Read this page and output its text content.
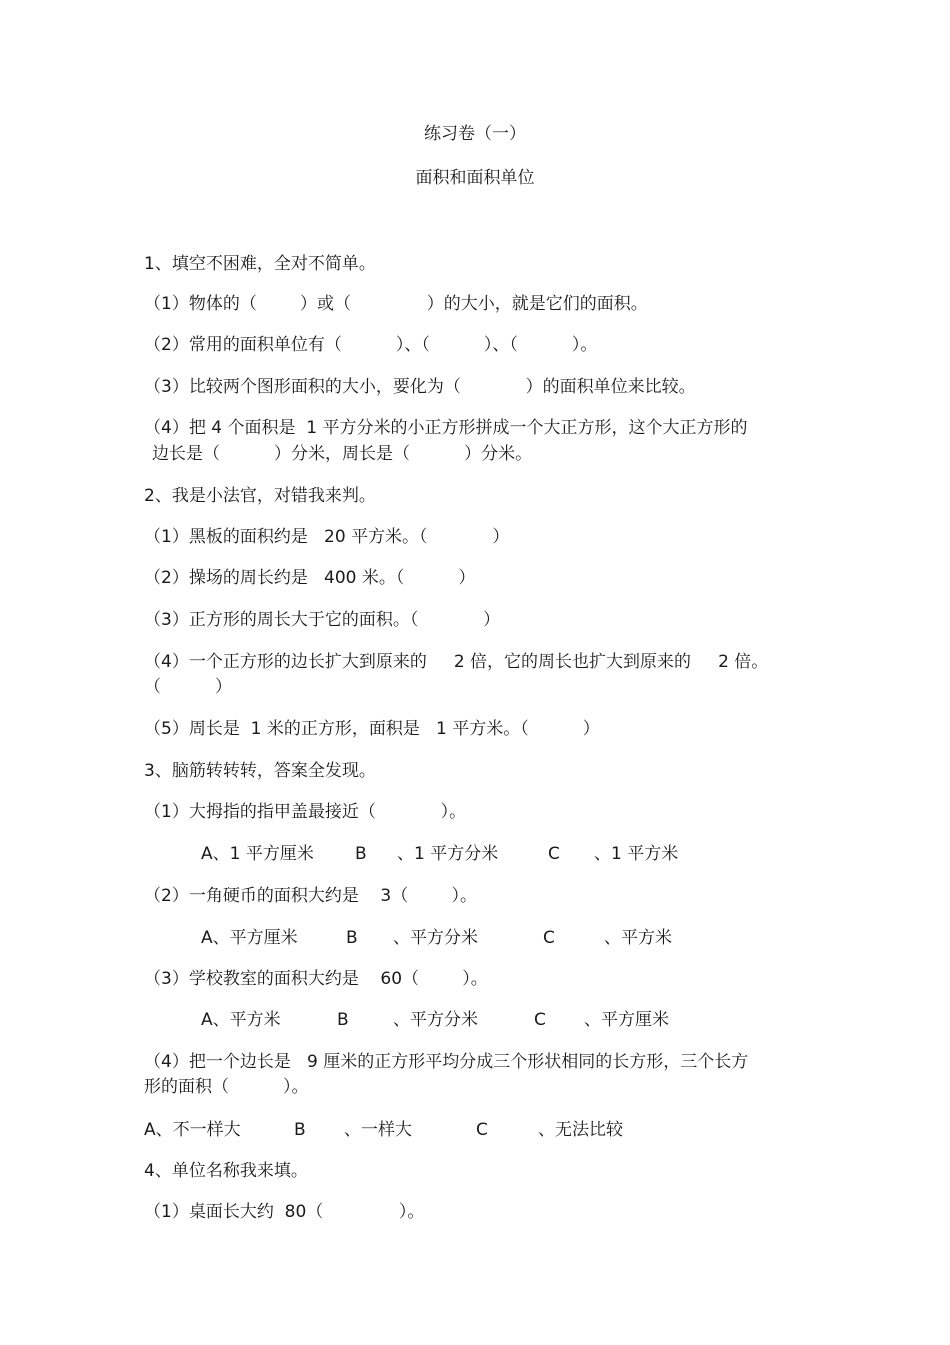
练习卷（一）
面积和面积单位
1、填空不困难，全对不简单。
（1）物体的（        ）或（              ）的大小，就是它们的面积。
（2）常用的面积单位有（          ）、（          ）、（          ）。
（3）比较两个图形面积的大小，要化为（            ）的面积单位来比较。
（4）把 4 个面积是  1 平方分米的小正方形拼成一个大正方形，这个大正方形的
边长是（          ）分米，周长是（          ）分米。
2、我是小法官，对错我来判。
（1）黑板的面积约是   20 平方米。（            ）
（2）操场的周长约是   400 米。（          ）
（3）正方形的周长大于它的面积。（            ）
（4）一个正方形的边长扩大到原来的     2 倍，它的周长也扩大到原来的     2 倍。
（          ）
（5）周长是  1 米的正方形，面积是   1 平方米。（          ）
3、脑筋转转转，答案全发现。
（1）大拇指的指甲盖最接近（            ）。
A、1 平方厘米 B 、1 平方分米	C 、1 平方米
（2）一角硬币的面积大约是    3（        ）。
A、平方厘米	B 、平方分米	C	、平方米
（3）学校教室的面积大约是    60（        ）。
A、平方米	B	、平方分米	C 、平方厘米
（4）把一个边长是   9 厘米的正方形平均分成三个形状相同的长方形，三个长方
形的面积（          ）。
A、不一样大	B 、一样大	C	、无法比较
4、单位名称我来填。
（1）桌面长大约  80（              ）。
